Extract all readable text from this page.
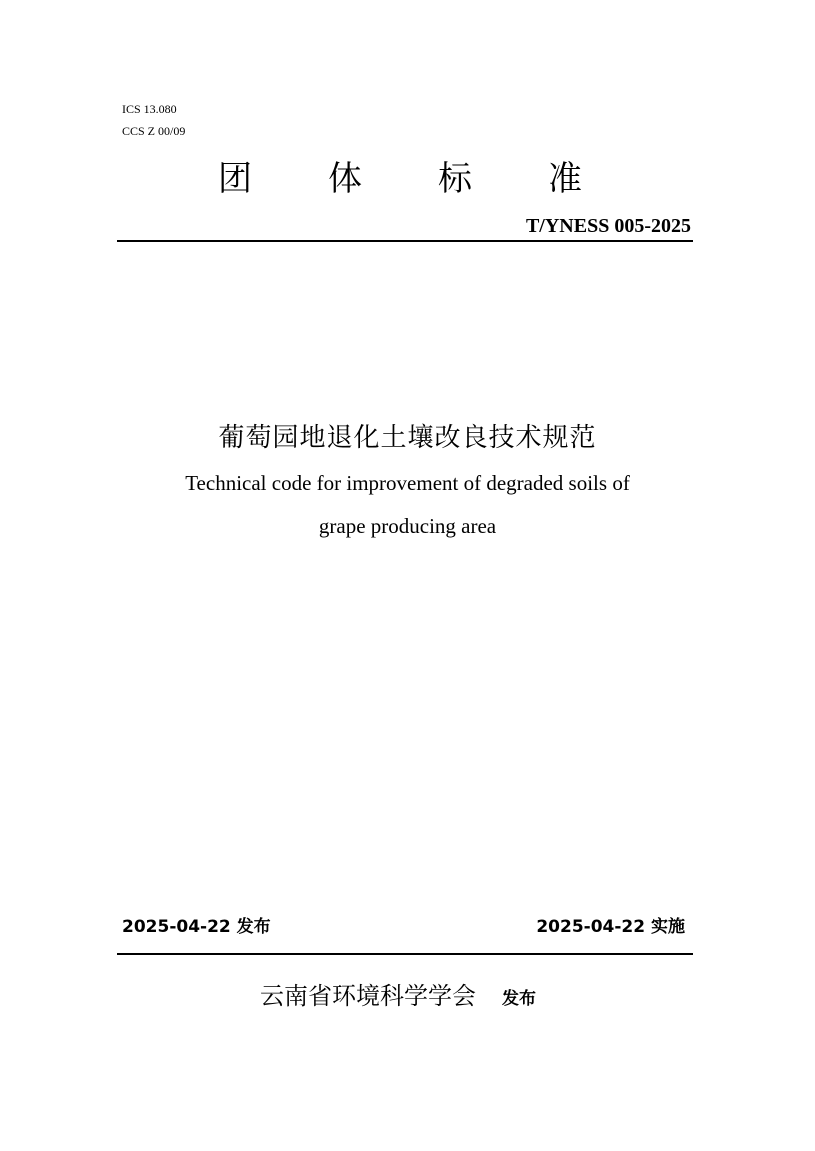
ICS 13.080
CCS Z 00/09
团	体	标	准
T/YNESS 005-2025
葡萄园地退化土壤改良技术规范
Technical code for improvement of degraded soils of
grape producing area
2025-04-22 发布	2025-04-22 实施
云南省环境科学学会 发布
